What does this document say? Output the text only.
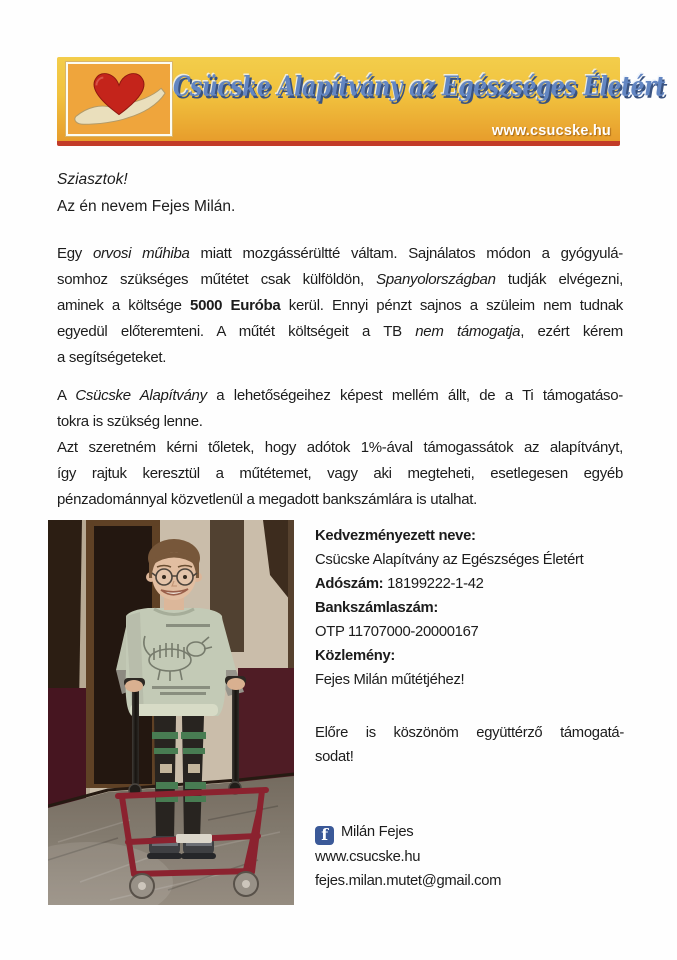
Csücske Alapítvány az Egészséges Életért
www.csucske.hu
Sziasztok!
Az én nevem Fejes Milán.
Egy orvosi műhiba miatt mozgássérültté váltam. Sajnálatos módon a gyógyulá-
somhoz szükséges műtétet csak külföldön, Spanyolországban tudják elvégezni,
aminek a költsége 5000 Euróba kerül. Ennyi pénzt sajnos a szüleim nem tudnak
egyedül előteremteni. A műtét költségeit a TB nem támogatja, ezért kérem
a segítségeteket.
A Csücske Alapítvány a lehetőségeihez képest mellém állt, de a Ti támogatáso-
tokra is szükség lenne.
Azt szeretném kérni tőletek, hogy adótok 1%-ával támogassátok az alapítványt,
így rajtuk keresztül a műtétemet, vagy aki megteheti, esetlegesen egyéb
pénzadománnyal közvetlenül a megadott bankszámlára is utalhat.
Kedvezményezett neve:
Csücske Alapítvány az Egészséges Életért
Adószám: 18199222-1-42
Bankszámlaszám:
OTP 11707000-20000167
Közlemény:
Fejes Milán műtétjéhez!
Előre is köszönöm együttérző támogatá-
sodat!
f Milán Fejes
www.csucske.hu
fejes.milan.mutet@gmail.com
